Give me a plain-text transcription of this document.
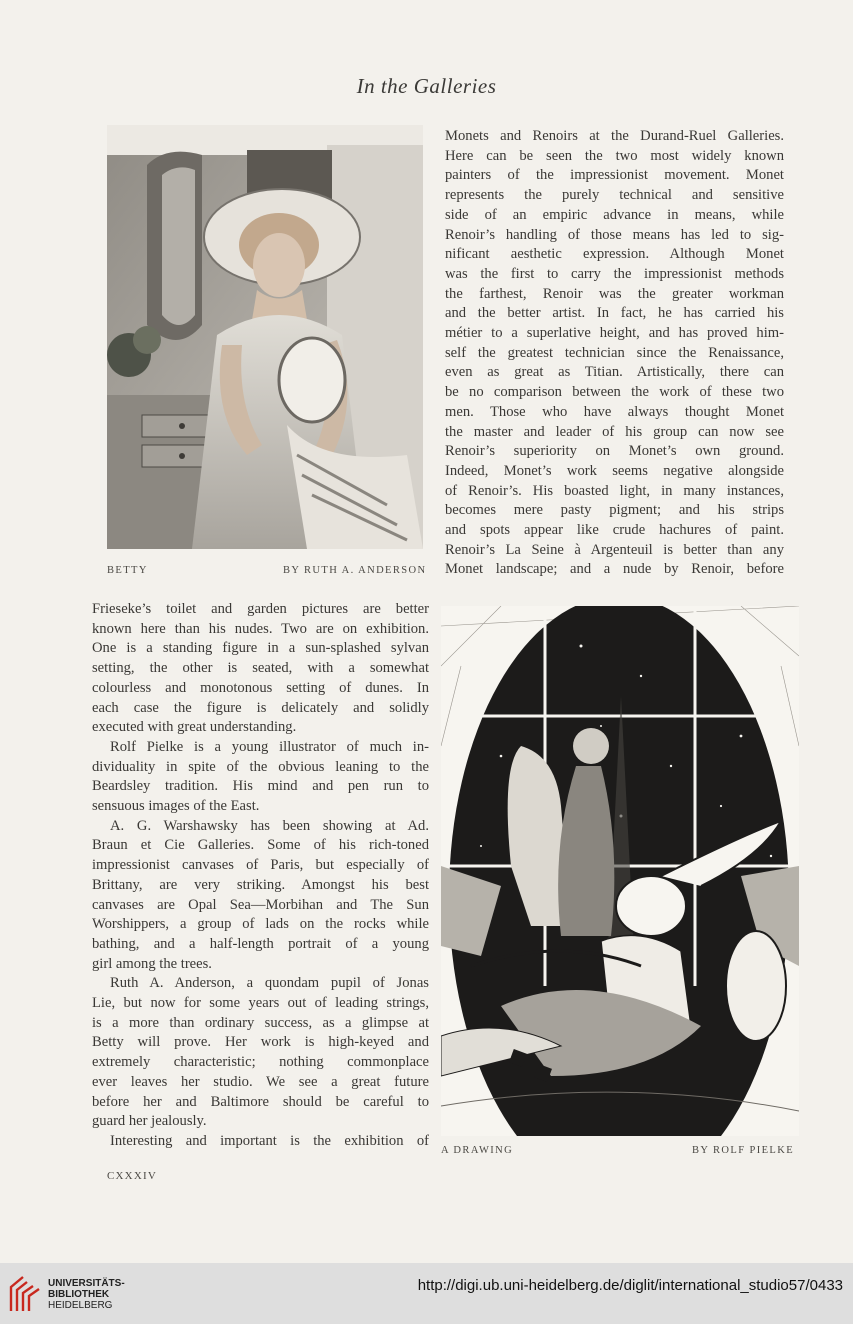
In the Galleries
BETTY	BY RUTH A. ANDERSON
Monets and Renoirs at the Durand-Ruel Galleries.
Here can be seen the two most widely known
painters of the impressionist movement. Monet
represents the purely technical and sensitive
side of an empiric advance in means, while
Renoir’s handling of those means has led to sig-
nificant aesthetic expression. Although Monet
was the first to carry the impressionist methods
the farthest, Renoir was the greater workman
and the better artist. In fact, he has carried his
métier to a superlative height, and has proved him-
self the greatest technician since the Renaissance,
even as great as Titian. Artistically, there can
be no comparison between the work of these two
men. Those who have always thought Monet
the master and leader of his group can now see
Renoir’s superiority on Monet’s own ground.
Indeed, Monet’s work seems negative alongside
of Renoir’s. His boasted light, in many instances,
becomes mere pasty pigment; and his strips
and spots appear like crude hachures of paint.
Renoir’s La Seine à Argenteuil is better than any
Monet landscape; and a nude by Renoir, before
Frieseke’s toilet and garden pictures are better
known here than his nudes. Two are on exhibition.
One is a standing figure in a sun-splashed sylvan
setting, the other is seated, with a somewhat
colourless and monotonous setting of dunes. In
each case the figure is delicately and solidly
executed with great understanding.
Rolf Pielke is a young illustrator of much in-
dividuality in spite of the obvious leaning to the
Beardsley tradition. His mind and pen run to
sensuous images of the East.
A. G. Warshawsky has been showing at Ad.
Braun et Cie Galleries. Some of his rich-toned
impressionist canvases of Paris, but especially of
Brittany, are very striking. Amongst his best
canvases are Opal Sea—Morbihan and The Sun
Worshippers, a group of lads on the rocks while
bathing, and a half-length portrait of a young
girl among the trees.
Ruth A. Anderson, a quondam pupil of Jonas
Lie, but now for some years out of leading strings,
is a more than ordinary success, as a glimpse at
Betty will prove. Her work is high-keyed and
extremely characteristic; nothing commonplace
ever leaves her studio. We see a great future
before her and Baltimore should be careful to
guard her jealously.
Interesting and important is the exhibition of
A DRAWING	BY ROLF PIELKE
CXXXIV
UNIVERSITÄTS-
BIBLIOTHEK
HEIDELBERG
http://digi.ub.uni-heidelberg.de/diglit/international_studio57/0433
